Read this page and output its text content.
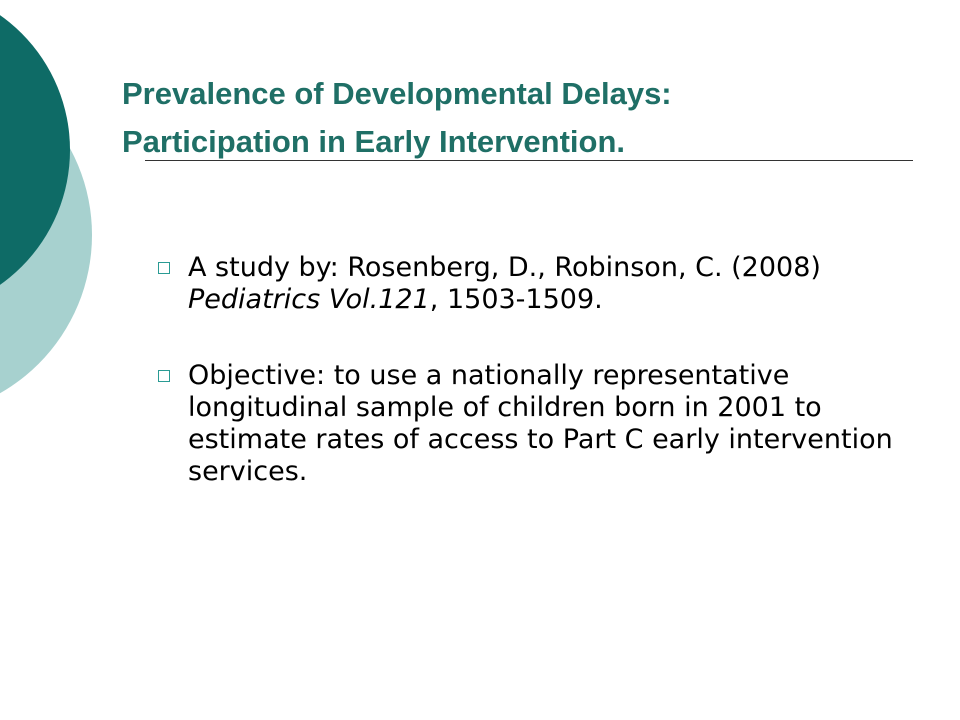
Prevalence of Developmental Delays:
Participation in Early Intervention.
A study by: Rosenberg, D., Robinson, C. (2008) Pediatrics Vol.121, 1503-1509.
Objective: to use a nationally representative longitudinal sample of children born in 2001 to estimate rates of access to Part C early intervention services.
